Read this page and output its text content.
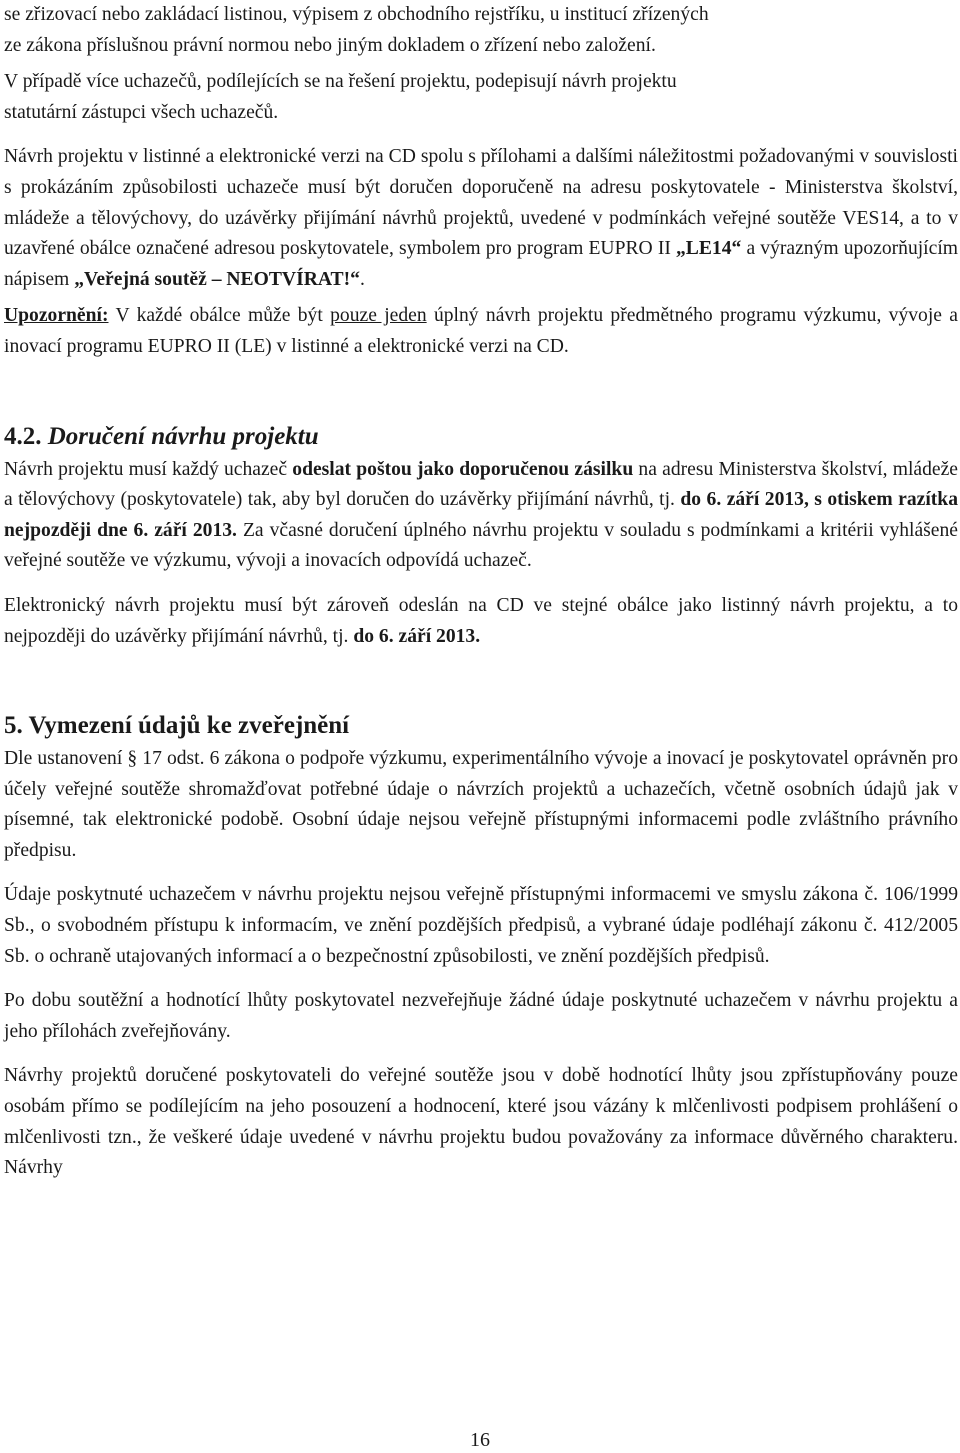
se zřizovací nebo zakládací listinou, výpisem z obchodního rejstříku, u institucí zřízených
ze zákona příslušnou právní normou nebo jiným dokladem o zřízení nebo založení.

V případě více uchazečů, podílejících se na řešení projektu, podepisují návrh projektu
statutární zástupci všech uchazečů.

Návrh projektu v listinné a elektronické verzi na CD spolu s přílohami a dalšími náležitostmi požadovanými v souvislosti s prokázáním způsobilosti uchazeče musí být doručen doporučeně na adresu poskytovatele - Ministerstva školství, mládeže a tělovýchovy, do uzávěrky přijímání návrhů projektů, uvedené v podmínkách veřejné soutěže VES14, a to v uzavřené obálce označené adresou poskytovatele, symbolem pro program EUPRO II „LE14“ a výrazným upozorňujícím nápisem „Veřejná soutěž – NEOTVÍRAT!“.

Upozornění: V každé obálce může být pouze jeden úplný návrh projektu předmětného programu výzkumu, vývoje a inovací programu EUPRO II (LE) v listinné a elektronické verzi na CD.

4.2. Doručení návrhu projektu

Návrh projektu musí každý uchazeč odeslat poštou jako doporučenou zásilku na adresu Ministerstva školství, mládeže a tělovýchovy (poskytovatele) tak, aby byl doručen do uzávěrky přijímání návrhů, tj. do 6. září 2013, s otiskem razítka nejpozději dne 6. září 2013. Za včasné doručení úplného návrhu projektu v souladu s podmínkami a kritérii vyhlášené veřejné soutěže ve výzkumu, vývoji a inovacích odpovídá uchazeč.

Elektronický návrh projektu musí být zároveň odeslán na CD ve stejné obálce jako listinný návrh projektu, a to nejpozději do uzávěrky přijímání návrhů, tj. do 6. září 2013.

5. Vymezení údajů ke zveřejnění

Dle ustanovení § 17 odst. 6 zákona o podpoře výzkumu, experimentálního vývoje a inovací je poskytovatel oprávněn pro účely veřejné soutěže shromažďovat potřebné údaje o návrzích projektů a uchazečích, včetně osobních údajů jak v písemné, tak elektronické podobě. Osobní údaje nejsou veřejně přístupnými informacemi podle zvláštního právního předpisu.

Údaje poskytnuté uchazečem v návrhu projektu nejsou veřejně přístupnými informacemi ve smyslu zákona č. 106/1999 Sb., o svobodném přístupu k informacím, ve znění pozdějších předpisů, a vybrané údaje podléhají zákonu č. 412/2005 Sb. o ochraně utajovaných informací a o bezpečnostní způsobilosti, ve znění pozdějších předpisů.

Po dobu soutěžní a hodnotící lhůty poskytovatel nezveřejňuje žádné údaje poskytnuté uchazečem v návrhu projektu a jeho přílohách zveřejňovány.

Návrhy projektů doručené poskytovateli do veřejné soutěže jsou v době hodnotící lhůty jsou zpřístupňovány pouze osobám přímo se podílejícím na jeho posouzení a hodnocení, které jsou vázány k mlčenlivosti podpisem prohlášení o mlčenlivosti tzn., že veškeré údaje uvedené v návrhu projektu budou považovány za informace důvěrného charakteru. Návrhy

16
